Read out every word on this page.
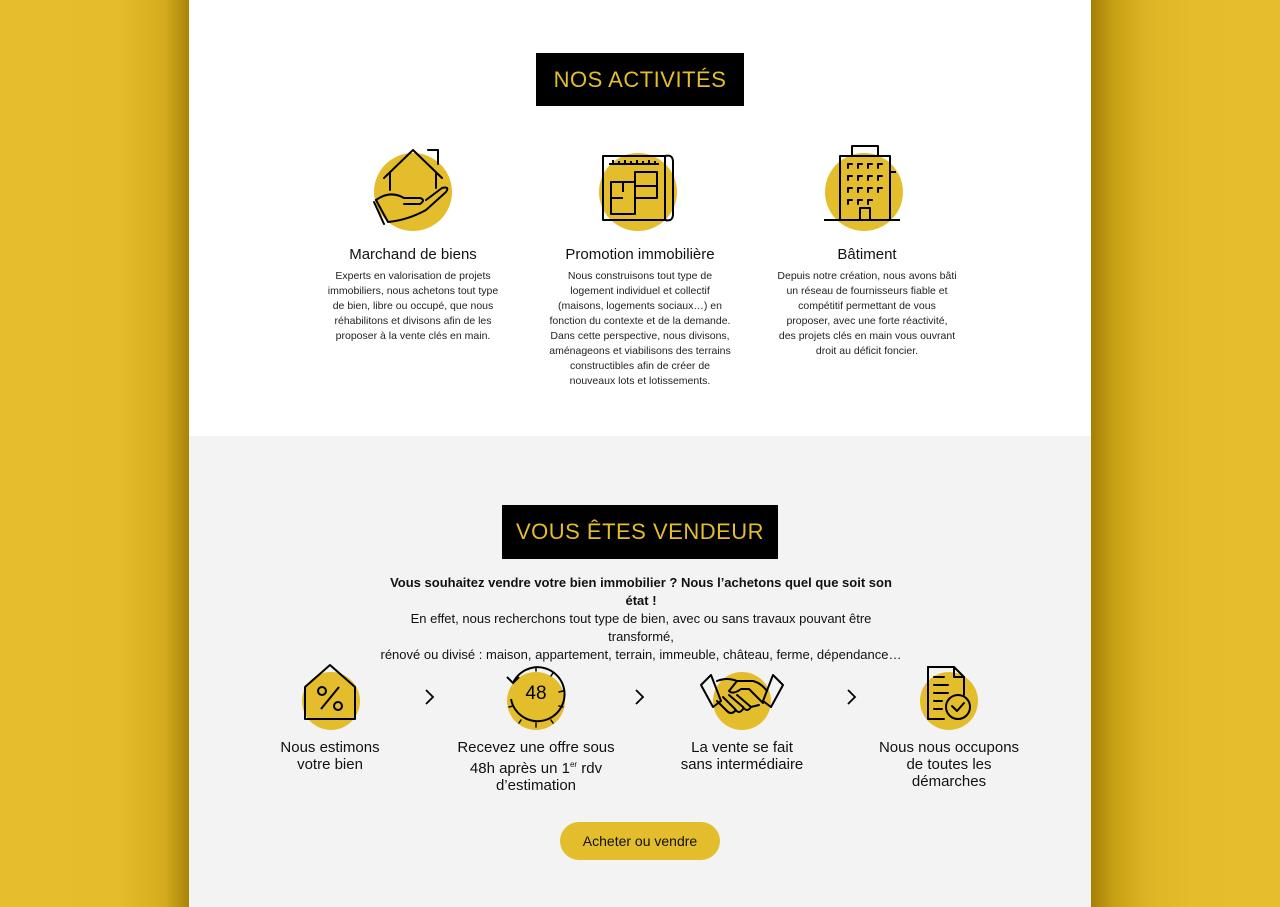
NOS ACTIVITÉS
Marchand de biens

Experts en valorisation de projets immobiliers, nous achetons tout type de bien, libre ou occupé, que nous réhabilitons et divisons afin de les proposer à la vente clés en main.

Promotion immobilière

Nous construisons tout type de logement individuel et collectif (maisons, logements sociaux…) en fonction du contexte et de la demande. Dans cette perspective, nous divisons, aménageons et viabilisons des terrains constructibles afin de créer de nouveaux lots et lotissements.

Bâtiment

Depuis notre création, nous avons bâti un réseau de fournisseurs fiable et compétitif permettant de vous proposer, avec une forte réactivité, des projets clés en main vous ouvrant droit au déficit foncier.

VOUS ÊTES VENDEUR
Vous souhaitez vendre votre bien immobilier ? Nous l’achetons quel que soit son état !
En effet, nous recherchons tout type de bien, avec ou sans travaux pouvant être transformé,
rénové ou divisé : maison, appartement, terrain, immeuble, château, ferme, dépendance…
Nous estimons
votre bien
48
Recevez une offre sous
48h après un 1er rdv
d’estimation
La vente se fait
sans intermédiaire
Nous nous occupons
de toutes les
démarches
Acheter ou vendre
